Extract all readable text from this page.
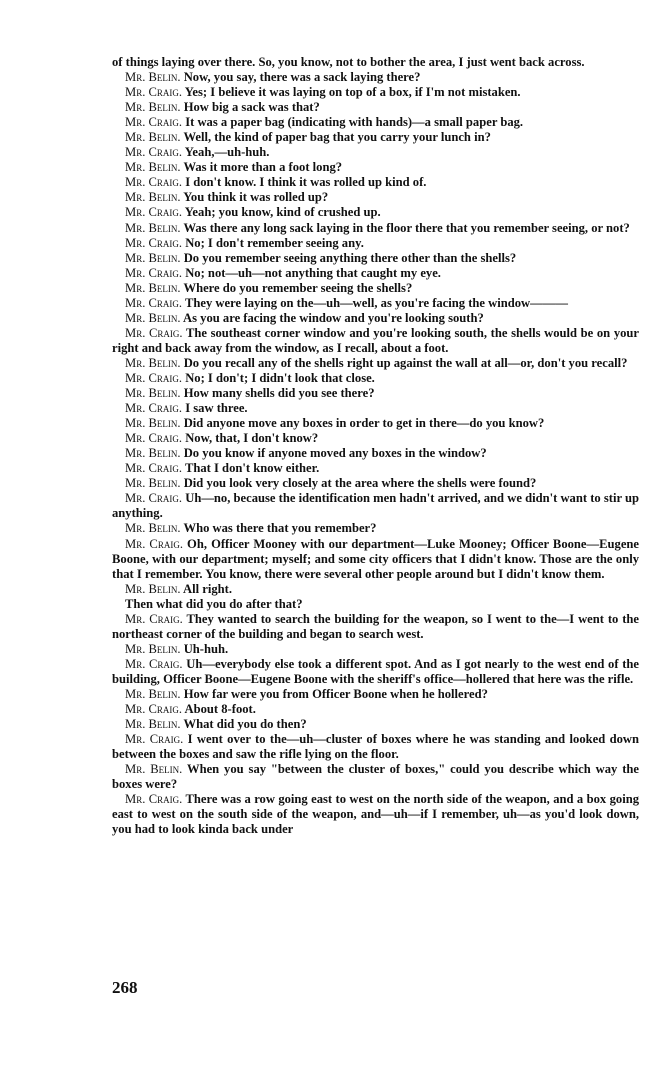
of things laying over there. So, you know, not to bother the area, I just went back across.

Mr. Belin. Now, you say, there was a sack laying there?

Mr. Craig. Yes; I believe it was laying on top of a box, if I'm not mistaken.

Mr. Belin. How big a sack was that?

Mr. Craig. It was a paper bag (indicating with hands)—a small paper bag.

Mr. Belin. Well, the kind of paper bag that you carry your lunch in?

Mr. Craig. Yeah,—uh-huh.

Mr. Belin. Was it more than a foot long?

Mr. Craig. I don't know. I think it was rolled up kind of.

Mr. Belin. You think it was rolled up?

Mr. Craig. Yeah; you know, kind of crushed up.

Mr. Belin. Was there any long sack laying in the floor there that you remember seeing, or not?

Mr. Craig. No; I don't remember seeing any.

Mr. Belin. Do you remember seeing anything there other than the shells?

Mr. Craig. No; not—uh—not anything that caught my eye.

Mr. Belin. Where do you remember seeing the shells?

Mr. Craig. They were laying on the—uh—well, as you're facing the window———

Mr. Belin. As you are facing the window and you're looking south?

Mr. Craig. The southeast corner window and you're looking south, the shells would be on your right and back away from the window, as I recall, about a foot.

Mr. Belin. Do you recall any of the shells right up against the wall at all—or, don't you recall?

Mr. Craig. No; I don't; I didn't look that close.

Mr. Belin. How many shells did you see there?

Mr. Craig. I saw three.

Mr. Belin. Did anyone move any boxes in order to get in there—do you know?

Mr. Craig. Now, that, I don't know?

Mr. Belin. Do you know if anyone moved any boxes in the window?

Mr. Craig. That I don't know either.

Mr. Belin. Did you look very closely at the area where the shells were found?

Mr. Craig. Uh—no, because the identification men hadn't arrived, and we didn't want to stir up anything.

Mr. Belin. Who was there that you remember?

Mr. Craig. Oh, Officer Mooney with our department—Luke Mooney; Officer Boone—Eugene Boone, with our department; myself; and some city officers that I didn't know. Those are the only that I remember. You know, there were several other people around but I didn't know them.

Mr. Belin. All right.

Then what did you do after that?

Mr. Craig. They wanted to search the building for the weapon, so I went to the—I went to the northeast corner of the building and began to search west.

Mr. Belin. Uh-huh.

Mr. Craig. Uh—everybody else took a different spot. And as I got nearly to the west end of the building, Officer Boone—Eugene Boone with the sheriff's office—hollered that here was the rifle.

Mr. Belin. How far were you from Officer Boone when he hollered?

Mr. Craig. About 8-foot.

Mr. Belin. What did you do then?

Mr. Craig. I went over to the—uh—cluster of boxes where he was standing and looked down between the boxes and saw the rifle lying on the floor.

Mr. Belin. When you say "between the cluster of boxes," could you describe which way the boxes were?

Mr. Craig. There was a row going east to west on the north side of the weapon, and a box going east to west on the south side of the weapon, and—uh—if I remember, uh—as you'd look down, you had to look kinda back under

268
